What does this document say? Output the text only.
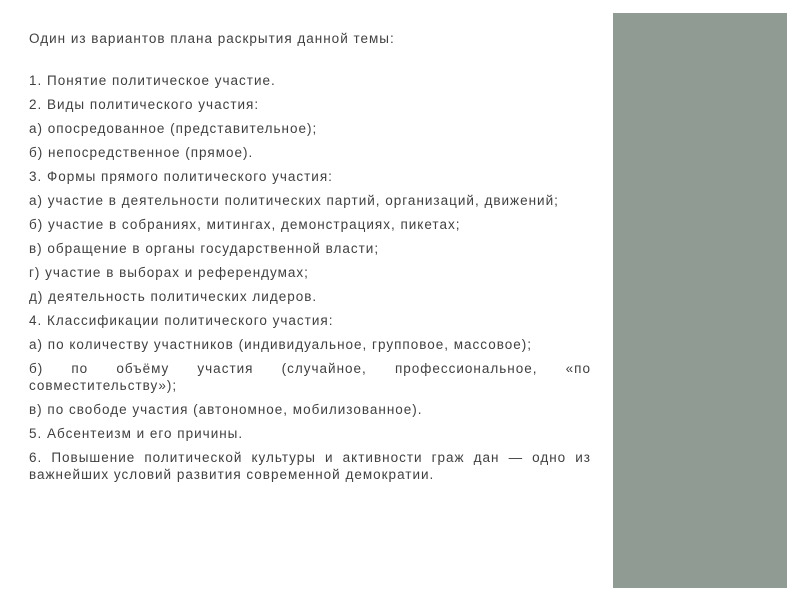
Один из вариантов плана раскрытия данной темы:

1. Понятие политическое участие.

2. Виды политического участия:

а) опосредованное (представительное);

б) непосредственное (прямое).

3. Формы прямого политического участия:

а) участие в деятельности политических партий, организаций, движений;

б) участие в собраниях, митингах, демонстрациях, пикетах;

в) обращение в органы государственной власти;

г) участие в выборах и референдумах;

д) деятельность политических лидеров.

4. Классификации политического участия:

а) по количеству участников (индивидуальное, групповое, массовое);

б) по объёму участия (случайное, профессиональное, «по совместительству»);

в) по свободе участия (автономное, мобилизованное).

5. Абсентеизм и его причины.

6. Повышение политической культуры и активности граж дан — одно из важнейших условий развития современной демократии.
